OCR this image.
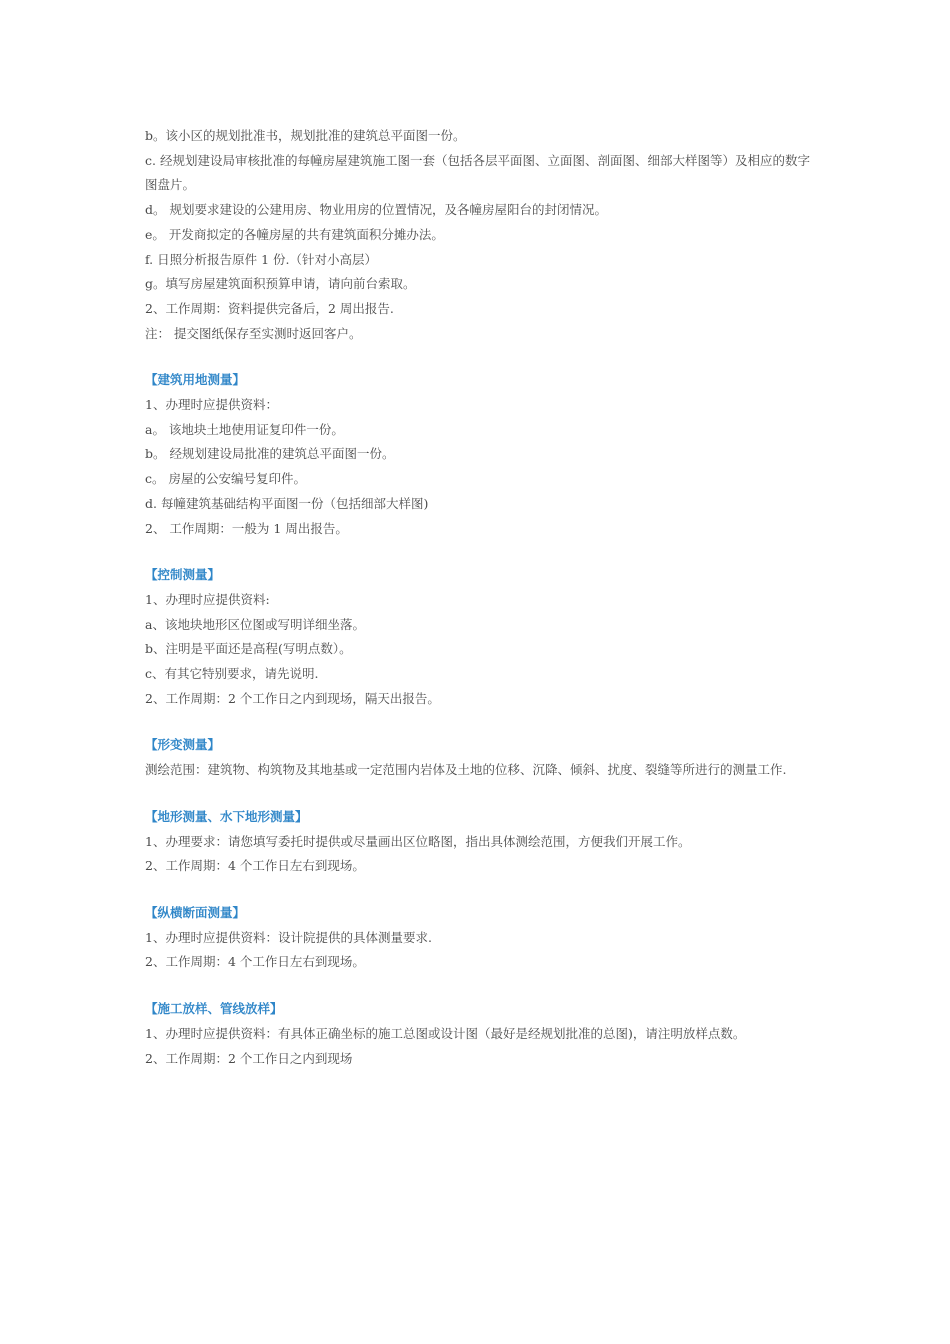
b。该小区的规划批准书，规划批准的建筑总平面图一份。
c. 经规划建设局审核批准的每幢房屋建筑施工图一套（包括各层平面图、立面图、剖面图、细部大样图等）及相应的数字图盘片。
d。 规划要求建设的公建用房、物业用房的位置情况，及各幢房屋阳台的封闭情况。
e。 开发商拟定的各幢房屋的共有建筑面积分摊办法。
f. 日照分析报告原件 1 份.（针对小高层）
g。填写房屋建筑面积预算申请，请向前台索取。
2、工作周期：资料提供完备后，2 周出报告.
注： 提交图纸保存至实测时返回客户。
【建筑用地测量】
1、办理时应提供资料：
a。 该地块土地使用证复印件一份。
b。 经规划建设局批准的建筑总平面图一份。
c。 房屋的公安编号复印件。
d. 每幢建筑基础结构平面图一份（包括细部大样图)
2、 工作周期：一般为 1 周出报告。
【控制测量】
1、办理时应提供资料:
a、该地块地形区位图或写明详细坐落。
b、注明是平面还是高程(写明点数）。
c、有其它特别要求，请先说明.
2、工作周期：2 个工作日之内到现场，隔天出报告。
【形变测量】
测绘范围：建筑物、构筑物及其地基或一定范围内岩体及土地的位移、沉降、倾斜、扰度、裂缝等所进行的测量工作.
【地形测量、水下地形测量】
1、办理要求：请您填写委托时提供或尽量画出区位略图，指出具体测绘范围，方便我们开展工作。
2、工作周期：4 个工作日左右到现场。
【纵横断面测量】
1、办理时应提供资料：设计院提供的具体测量要求.
2、工作周期：4 个工作日左右到现场。
【施工放样、管线放样】
1、办理时应提供资料：有具体正确坐标的施工总图或设计图（最好是经规划批准的总图)，请注明放样点数。
2、工作周期：2 个工作日之内到现场
